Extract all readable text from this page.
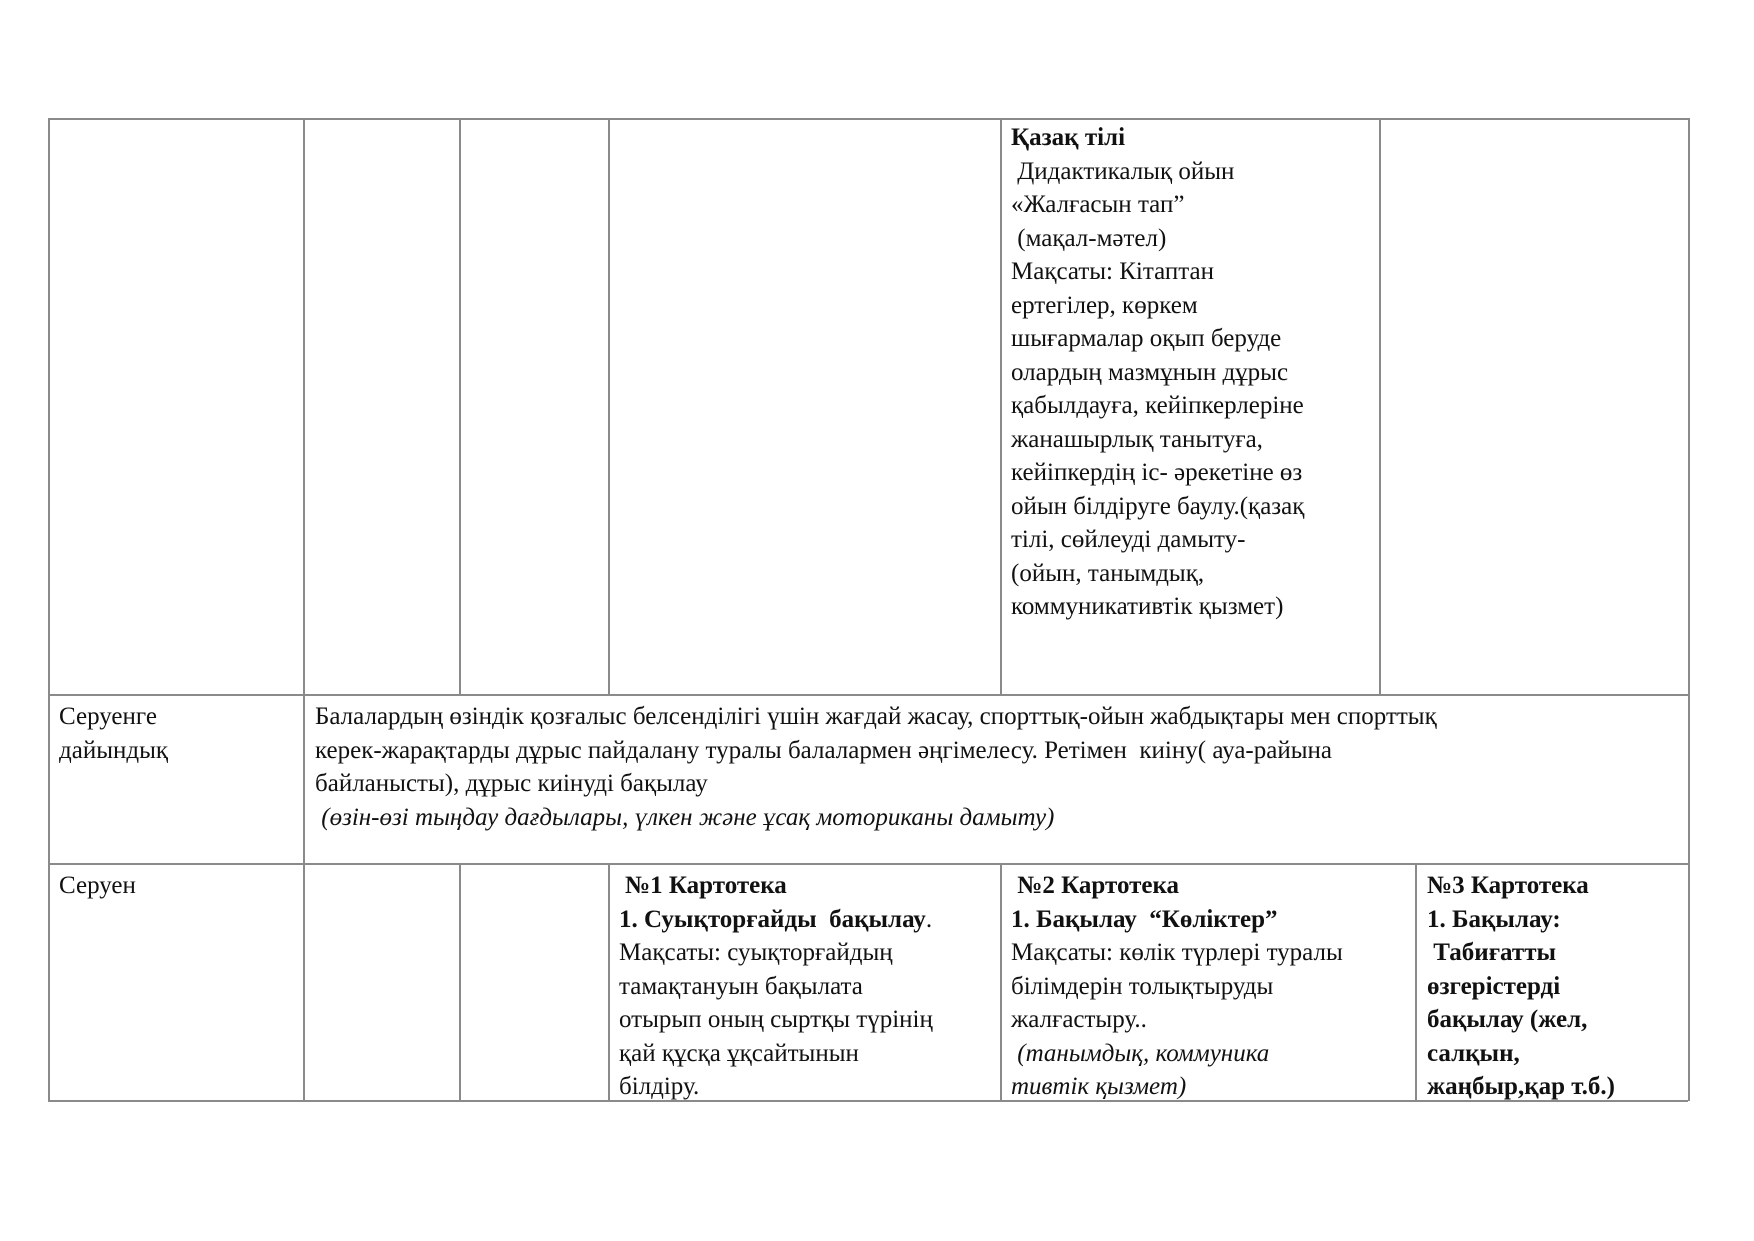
Қазақ тілі
Дидактикалық ойын
«Жалғасын тап”
(мақал-мәтел)
Мақсаты: Кітаптан
ертегілер, көркем
шығармалар оқып беруде
олардың мазмұнын дұрыс
қабылдауға, кейіпкерлеріне
жанашырлық танытуға,
кейіпкердің іс- әрекетіне өз
ойын білдіруге баулу.(қазақ
тілі, сөйлеуді дамыту-
(ойын, танымдық,
коммуникативтік қызмет)
Серуенге
дайындық
Балалардың өзіндік қозғалыс белсенділігі үшін жағдай жасау, спорттық-ойын жабдықтары мен спорттық
керек-жарақтарды дұрыс пайдалану туралы балалармен әңгімелесу. Ретімен  киіну( ауа-райына
байланысты), дұрыс киінуді бақылау
(өзін-өзі тыңдау дағдылары, үлкен және ұсақ моториканы дамыту)
Серуен	№1 Картотека
1. Суықторғайды  бақылау.
Мақсаты: суықторғайдың
тамақтануын бақылата
отырып оның сыртқы түрінің
қай құсқа ұқсайтынын
білдіру.
№2 Картотека
1. Бақылау  “Көліктер”
Мақсаты: көлік түрлері туралы
білімдерін толықтыруды
жалғастыру..
(танымдық, коммуника
тивтік қызмет)
№3 Картотека
1. Бақылау:
Табиғатты
өзгерістерді
бақылау (жел,
салқын,
жаңбыр,қар т.б.)
